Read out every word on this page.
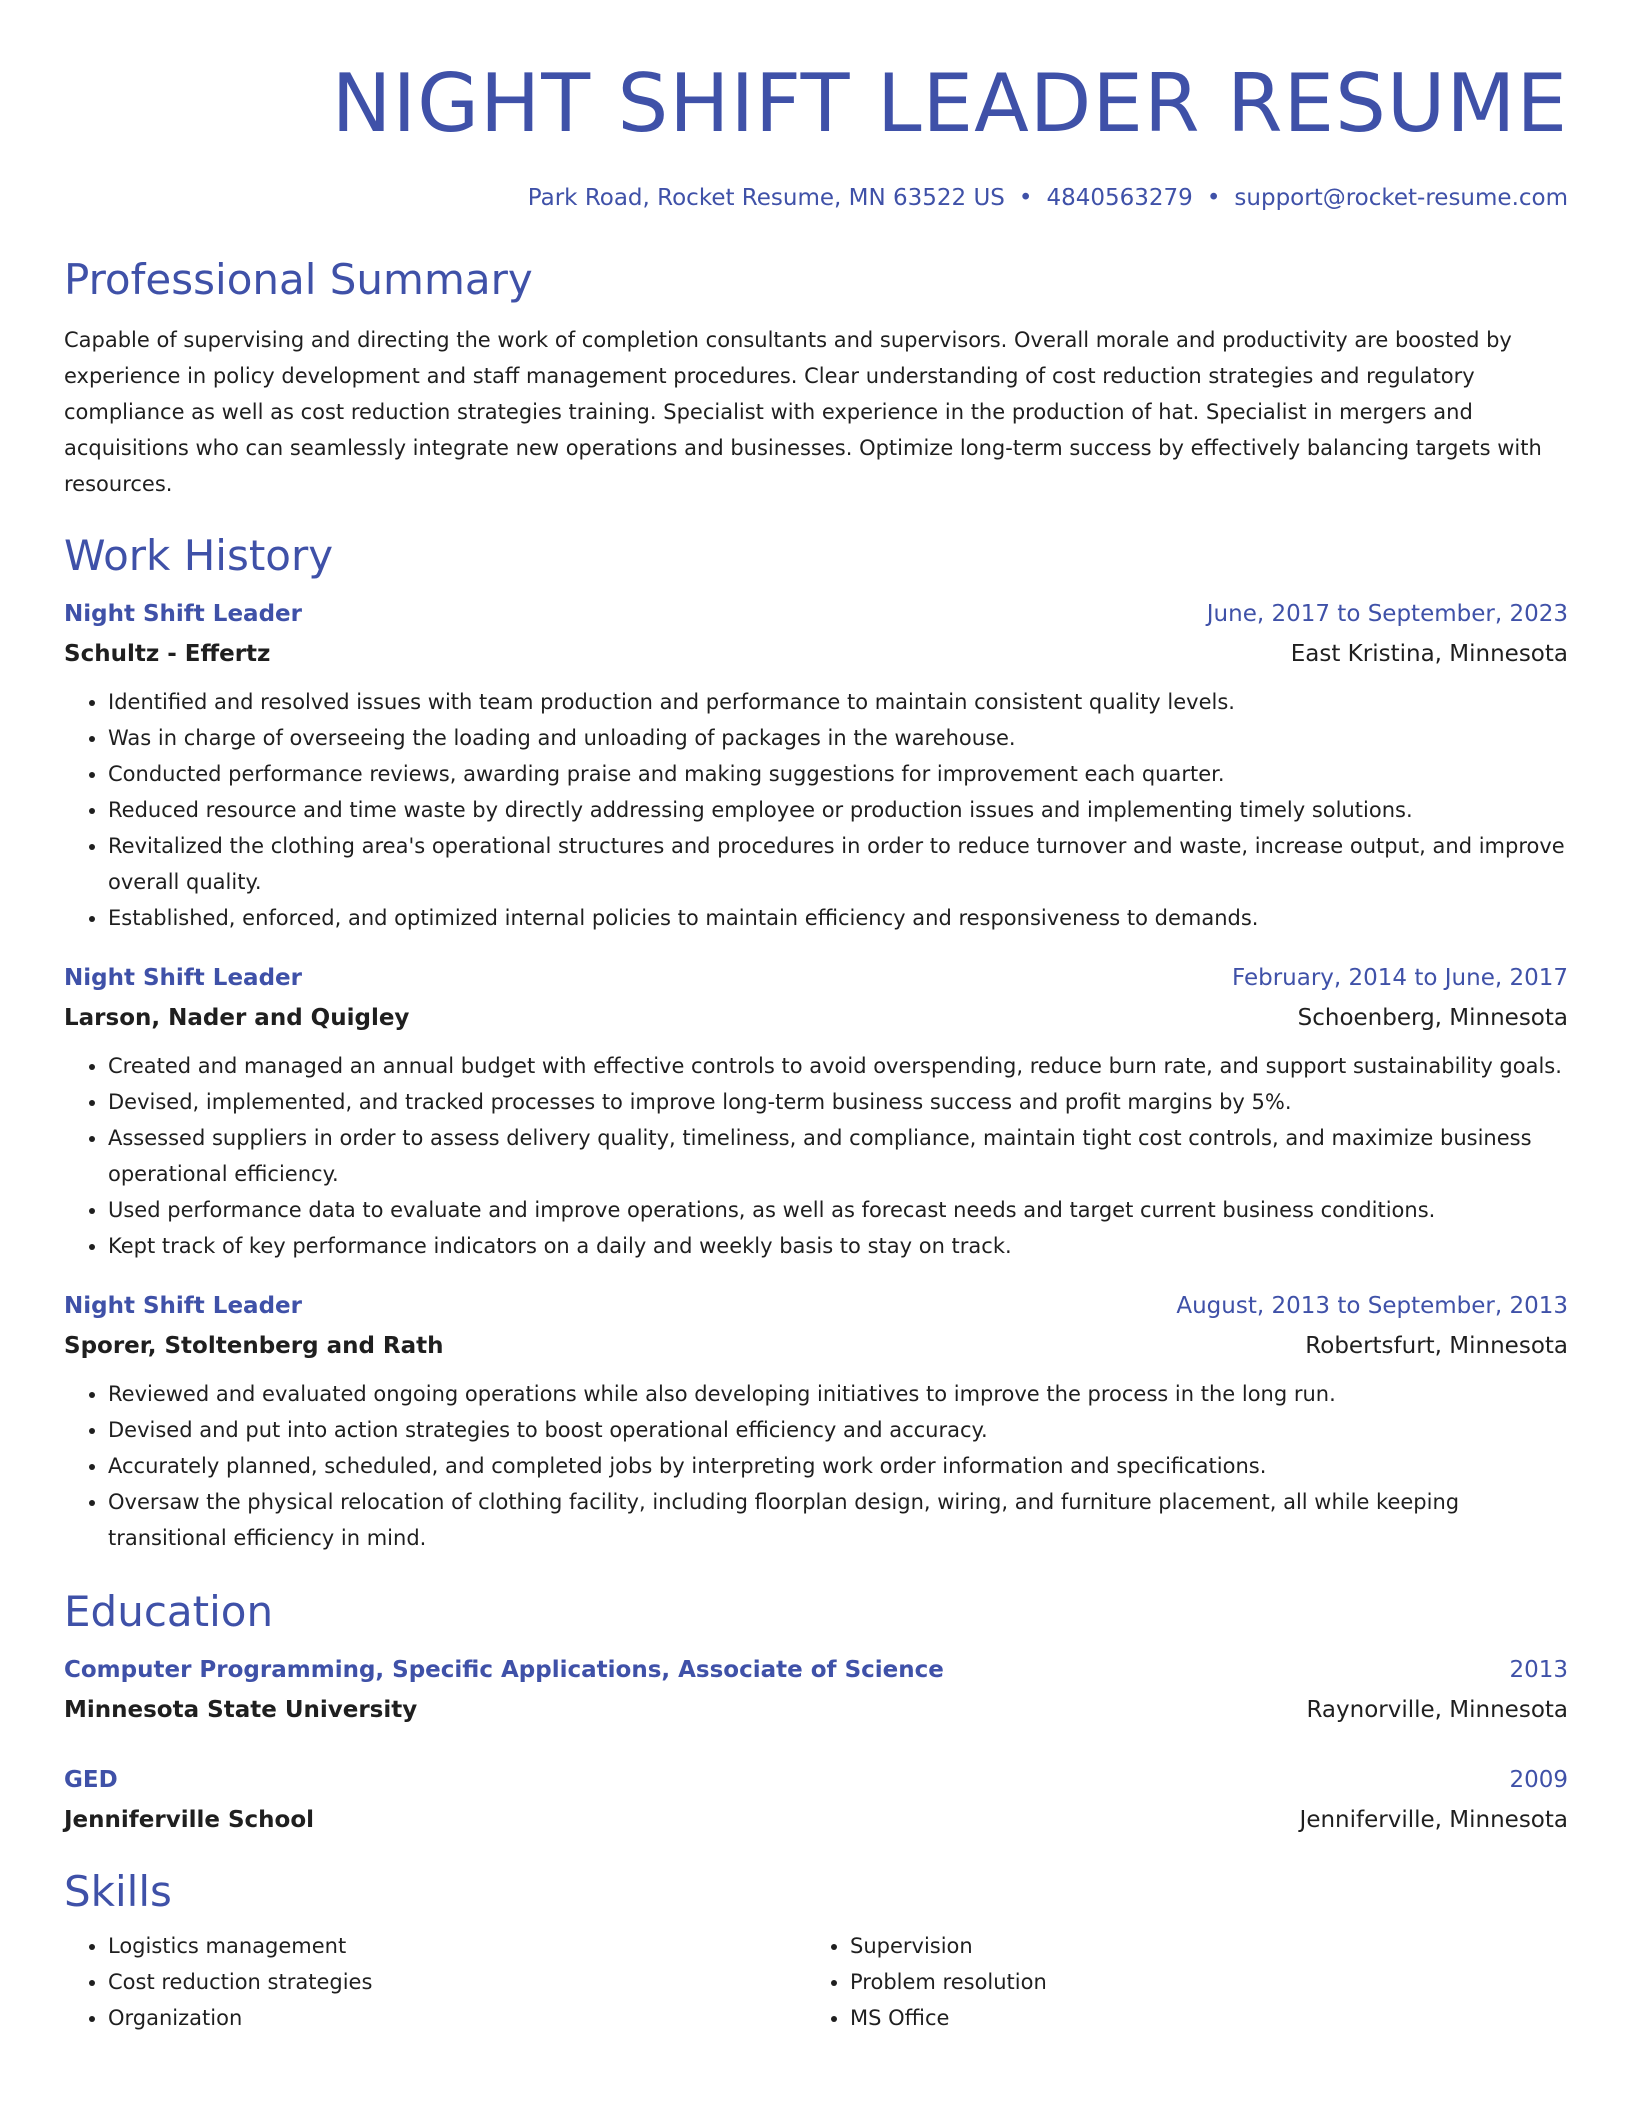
NIGHT SHIFT LEADER RESUME
Park Road, Rocket Resume, MN 63522 US • 4840563279 • support@rocket-resume.com
Professional Summary
Capable of supervising and directing the work of completion consultants and supervisors. Overall morale and productivity are boosted by experience in policy development and staff management procedures. Clear understanding of cost reduction strategies and regulatory compliance as well as cost reduction strategies training. Specialist with experience in the production of hat. Specialist in mergers and acquisitions who can seamlessly integrate new operations and businesses. Optimize long-term success by effectively balancing targets with resources.
Work History
Night Shift Leader	June, 2017 to September, 2023
Schultz - Effertz	East Kristina, Minnesota
• Identified and resolved issues with team production and performance to maintain consistent quality levels.
• Was in charge of overseeing the loading and unloading of packages in the warehouse.
• Conducted performance reviews, awarding praise and making suggestions for improvement each quarter.
• Reduced resource and time waste by directly addressing employee or production issues and implementing timely solutions.
• Revitalized the clothing area's operational structures and procedures in order to reduce turnover and waste, increase output, and improve overall quality.
• Established, enforced, and optimized internal policies to maintain efficiency and responsiveness to demands.
Night Shift Leader	February, 2014 to June, 2017
Larson, Nader and Quigley	Schoenberg, Minnesota
• Created and managed an annual budget with effective controls to avoid overspending, reduce burn rate, and support sustainability goals.
• Devised, implemented, and tracked processes to improve long-term business success and profit margins by 5%.
• Assessed suppliers in order to assess delivery quality, timeliness, and compliance, maintain tight cost controls, and maximize business operational efficiency.
• Used performance data to evaluate and improve operations, as well as forecast needs and target current business conditions.
• Kept track of key performance indicators on a daily and weekly basis to stay on track.
Night Shift Leader	August, 2013 to September, 2013
Sporer, Stoltenberg and Rath	Robertsfurt, Minnesota
• Reviewed and evaluated ongoing operations while also developing initiatives to improve the process in the long run.
• Devised and put into action strategies to boost operational efficiency and accuracy.
• Accurately planned, scheduled, and completed jobs by interpreting work order information and specifications.
• Oversaw the physical relocation of clothing facility, including floorplan design, wiring, and furniture placement, all while keeping transitional efficiency in mind.
Education
Computer Programming, Specific Applications, Associate of Science	2013
Minnesota State University	Raynorville, Minnesota
GED	2009
Jenniferville School	Jenniferville, Minnesota
Skills
• Logistics management
• Cost reduction strategies
• Organization
• Supervision
• Problem resolution
• MS Office
